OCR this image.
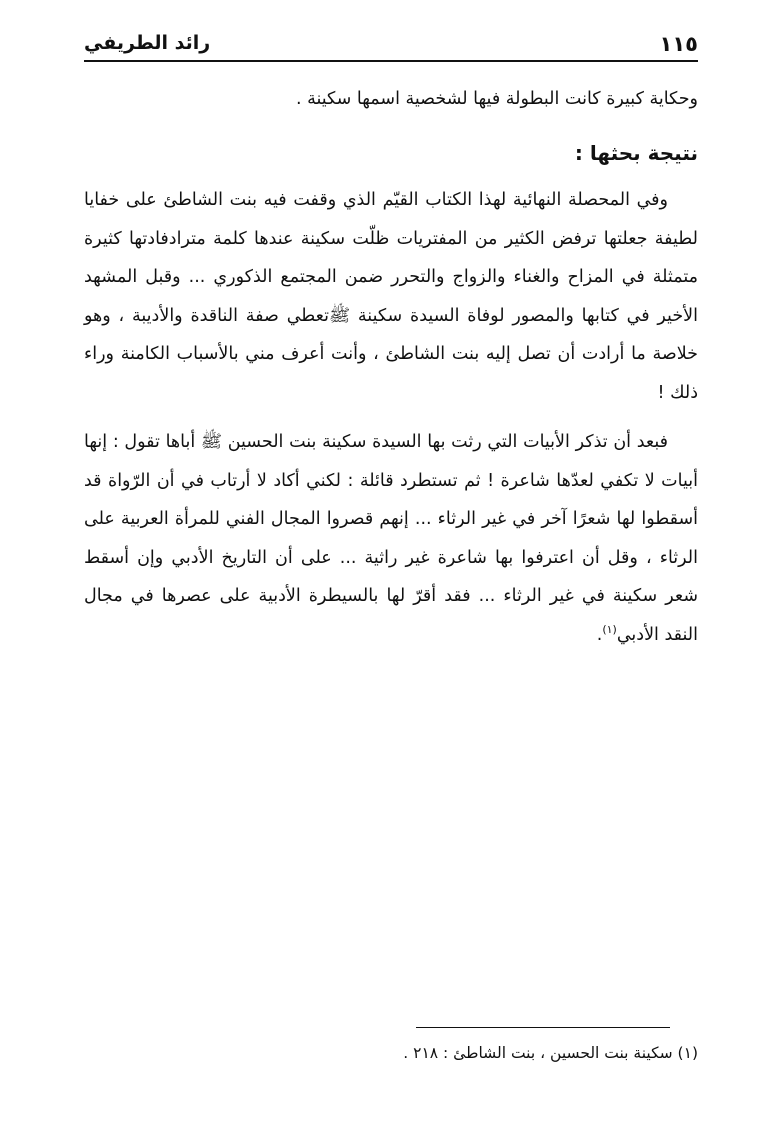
١١٥
رائد الطريفي

وحكاية كبيرة كانت البطولة فيها لشخصية اسمها سكينة .

نتيجة بحثها :

وفي المحصلة النهائية لهذا الكتاب القيّم الذي وقفت فيه بنت الشاطئ على خفايا لطيفة جعلتها ترفض الكثير من المفتريات ظلّت سكينة عندها كلمة مترادفادتها كثيرة متمثلة في المزاح والغناء والزواج والتحرر ضمن المجتمع الذكوري ... وقبل المشهد الأخير في كتابها والمصور لوفاة السيدة سكينة ﷺتعطي صفة الناقدة والأديبة ، وهو خلاصة ما أرادت أن تصل إليه بنت الشاطئ ، وأنت أعرف مني بالأسباب الكامنة وراء ذلك !

فبعد أن تذكر الأبيات التي رثت بها السيدة سكينة بنت الحسين ﷺ أباها تقول : إنها أبيات لا تكفي لعدّها شاعرة ! ثم تستطرد قائلة : لكني أكاد لا أرتاب في أن الرّواة قد أسقطوا لها شعرًا آخر في غير الرثاء ... إنهم قصروا المجال الفني للمرأة العربية على الرثاء ، وقل أن اعترفوا بها شاعرة غير راثية ... على أن التاريخ الأدبي وإن أسقط شعر سكينة في غير الرثاء ... فقد أقرّ لها بالسيطرة الأدبية على عصرها في مجال النقد الأدبي$^{(١)}$.

(١) سكينة بنت الحسين ، بنت الشاطئ : ٢١٨ .
